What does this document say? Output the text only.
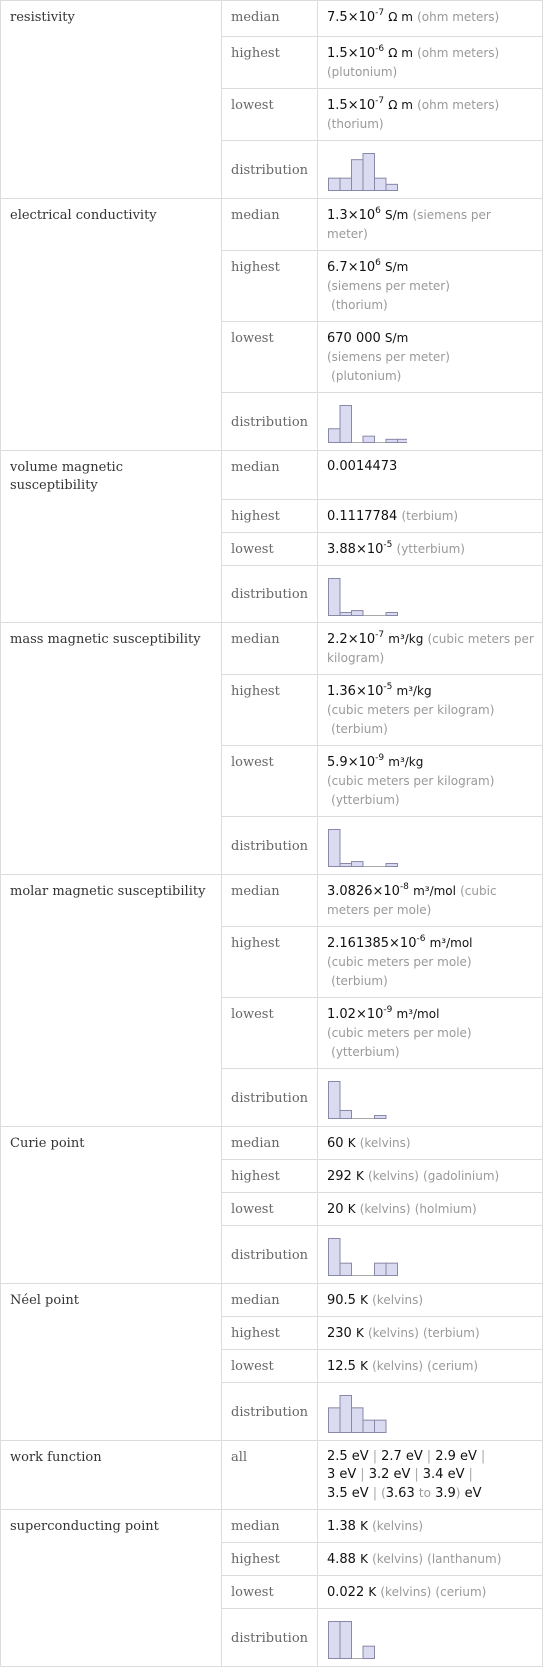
resistivity	median	$7.5\times 10^{-7}$ Ω m (ohm meters)
	highest	$1.5\times 10^{-6}$ Ω m (ohm meters) (plutonium)
	lowest	$1.5\times 10^{-7}$ Ω m (ohm meters) (thorium)
	distribution	

electrical conductivity	median	$1.3\times 10^6$ S/m (siemens per meter)
	highest	$6.7\times 10^6$ S/m
(siemens per meter)
(thorium)
	lowest	670 000 S/m
(siemens per meter)
(plutonium)
	distribution	

volume magnetic susceptibility	median	0.0014473
	highest	0.1117784 (terbium)
	lowest	$3.88\times 10^{-5}$ (ytterbium)
	distribution	

mass magnetic susceptibility	median	$2.2\times 10^{-7}$ m³/kg (cubic meters per kilogram)
	highest	$1.36\times 10^{-5}$ m³/kg
(cubic meters per kilogram)
(terbium)
	lowest	$5.9\times 10^{-9}$ m³/kg
(cubic meters per kilogram)
(ytterbium)
	distribution	

molar magnetic susceptibility	median	$3.0826\times 10^{-8}$ m³/mol (cubic meters per mole)
	highest	$2.161385\times 10^{-6}$ m³/mol
(cubic meters per mole)
(terbium)
	lowest	$1.02\times 10^{-9}$ m³/mol
(cubic meters per mole)
(ytterbium)
	distribution	

Curie point	median	60 K (kelvins)
	highest	292 K (kelvins) (gadolinium)
	lowest	20 K (kelvins) (holmium)
	distribution	

Néel point	median	90.5 K (kelvins)
	highest	230 K (kelvins) (terbium)
	lowest	12.5 K (kelvins) (cerium)
	distribution	

work function	all	2.5 eV | 2.7 eV | 2.9 eV |
3 eV | 3.2 eV | 3.4 eV |
3.5 eV | (3.63 to 3.9) eV
superconducting point	median	1.38 K (kelvins)
	highest	4.88 K (kelvins) (lanthanum)
	lowest	0.022 K (kelvins) (cerium)
	distribution	
